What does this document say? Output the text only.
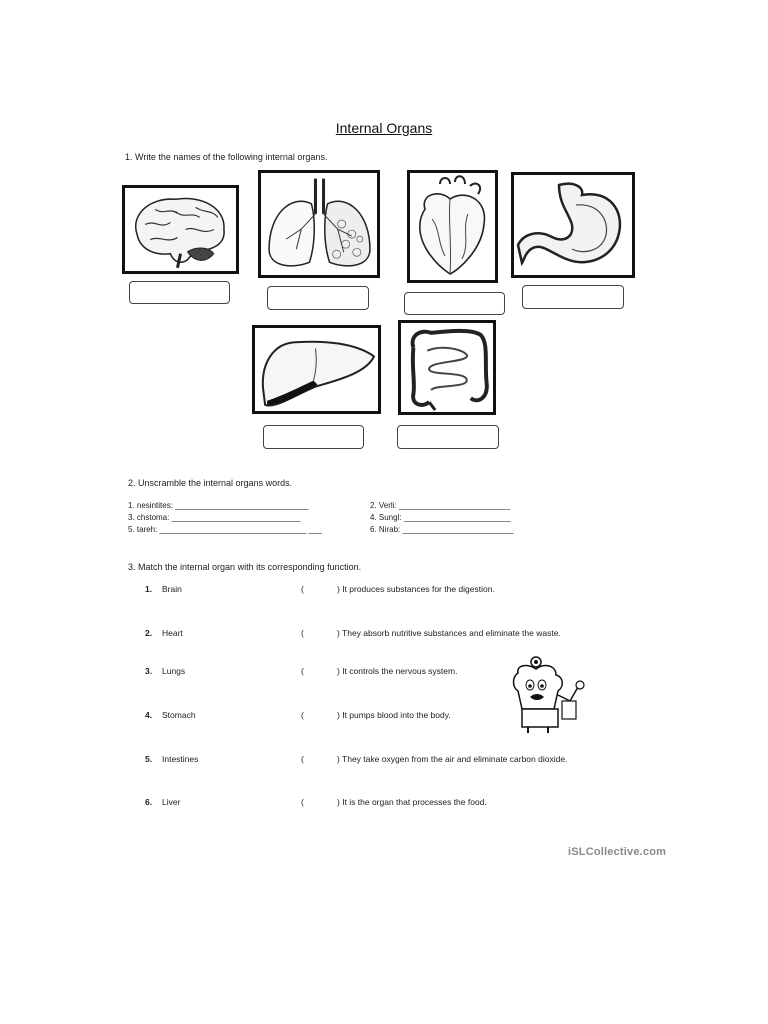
Internal Organs
1. Write the names of the following internal organs.
2. Unscramble the internal organs words.
1. nesintites: ______________________________	2. Verli: _________________________
3. chstoma: _____________________________	4. Sungl: ________________________
5. tareh: _________________________________ ___	6. Nirab: _________________________
3. Match the internal organ with its corresponding function.
1. Brain	(	) It produces substances for the digestion.
2. Heart	(	) They absorb nutritive substances and eliminate the waste.
3. Lungs	(	) It controls the nervous system.
4. Stomach	(	) It pumps blood into the body.
5. Intestines	(	) They take oxygen from the air and eliminate carbon dioxide.
6. Liver	(	) It is the organ that processes the food.
iSLCollective.com
